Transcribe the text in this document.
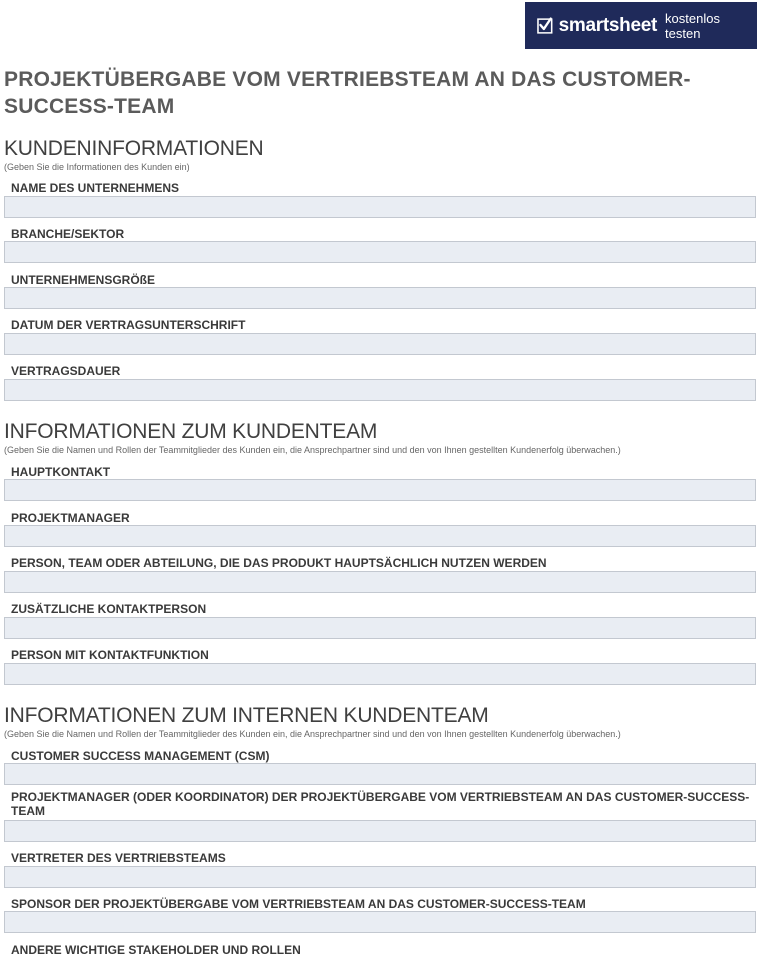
smartsheet kostenlos testen
PROJEKTÜBERGABE VOM VERTRIEBSTEAM AN DAS CUSTOMER-SUCCESS-TEAM
KUNDENINFORMATIONEN

(Geben Sie die Informationen des Kunden ein)

NAME DES UNTERNEHMENS

BRANCHE/SEKTOR

UNTERNEHMENSGRÖßE

DATUM DER VERTRAGSUNTERSCHRIFT

VERTRAGSDAUER

INFORMATIONEN ZUM KUNDENTEAM

(Geben Sie die Namen und Rollen der Teammitglieder des Kunden ein, die Ansprechpartner sind und den von Ihnen gestellten Kundenerfolg überwachen.)

HAUPTKONTAKT

PROJEKTMANAGER

PERSON, TEAM ODER ABTEILUNG, DIE DAS PRODUKT HAUPTSÄCHLICH NUTZEN WERDEN

ZUSÄTZLICHE KONTAKTPERSON

PERSON MIT KONTAKTFUNKTION

INFORMATIONEN ZUM INTERNEN KUNDENTEAM

(Geben Sie die Namen und Rollen der Teammitglieder des Kunden ein, die Ansprechpartner sind und den von Ihnen gestellten Kundenerfolg überwachen.)

CUSTOMER SUCCESS MANAGEMENT (CSM)

PROJEKTMANAGER (ODER KOORDINATOR) DER PROJEKTÜBERGABE VOM VERTRIEBSTEAM AN DAS CUSTOMER-SUCCESS-TEAM

VERTRETER DES VERTRIEBSTEAMS

SPONSOR DER PROJEKTÜBERGABE VOM VERTRIEBSTEAM AN DAS CUSTOMER-SUCCESS-TEAM

ANDERE WICHTIGE STAKEHOLDER UND ROLLEN
